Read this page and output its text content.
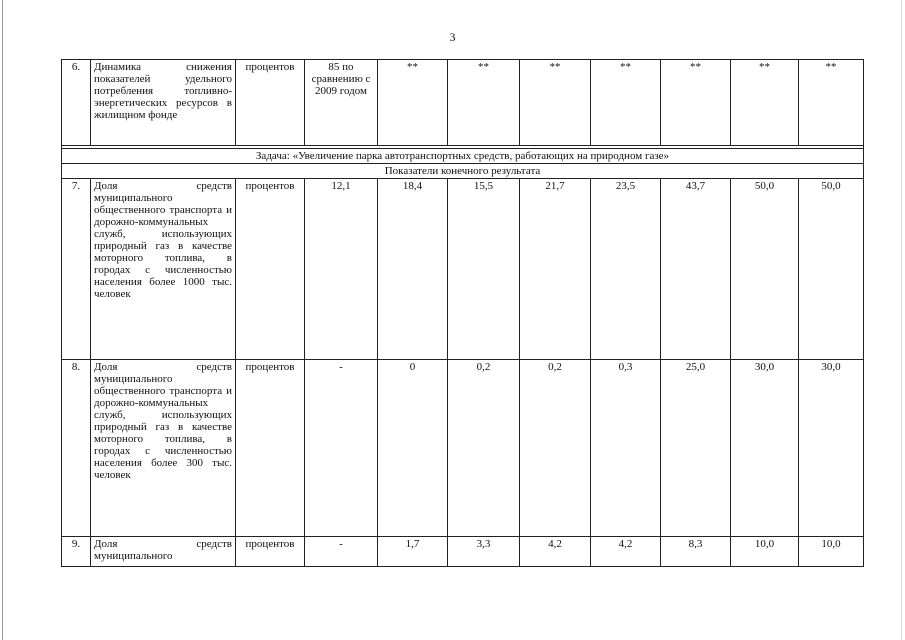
3
6.	Динамика снижения показателей удельного потребления топливно-энергетических ресурсов в жилищном фонде	процентов	85 по сравнению с 2009 годом	**	**	**	**	**	**	**

Задача: «Увеличение парка автотранспортных средств, работающих на природном газе»										
Показатели конечного результата										
7.	Доля средств муниципального общественного транспорта и дорожно-коммунальных служб, использующих природный газ в качестве моторного топлива, в городах с численностью населения более 1000 тыс. человек	процентов	12,1	18,4	15,5	21,7	23,5	43,7	50,0	50,0
8.	Доля средств муниципального общественного транспорта и дорожно-коммунальных служб, использующих природный газ в качестве моторного топлива, в городах с численностью населения более 300 тыс. человек	процентов	-	0	0,2	0,2	0,3	25,0	30,0	30,0
9.	Доля средств муниципального	процентов	-	1,7	3,3	4,2	4,2	8,3	10,0	10,0
